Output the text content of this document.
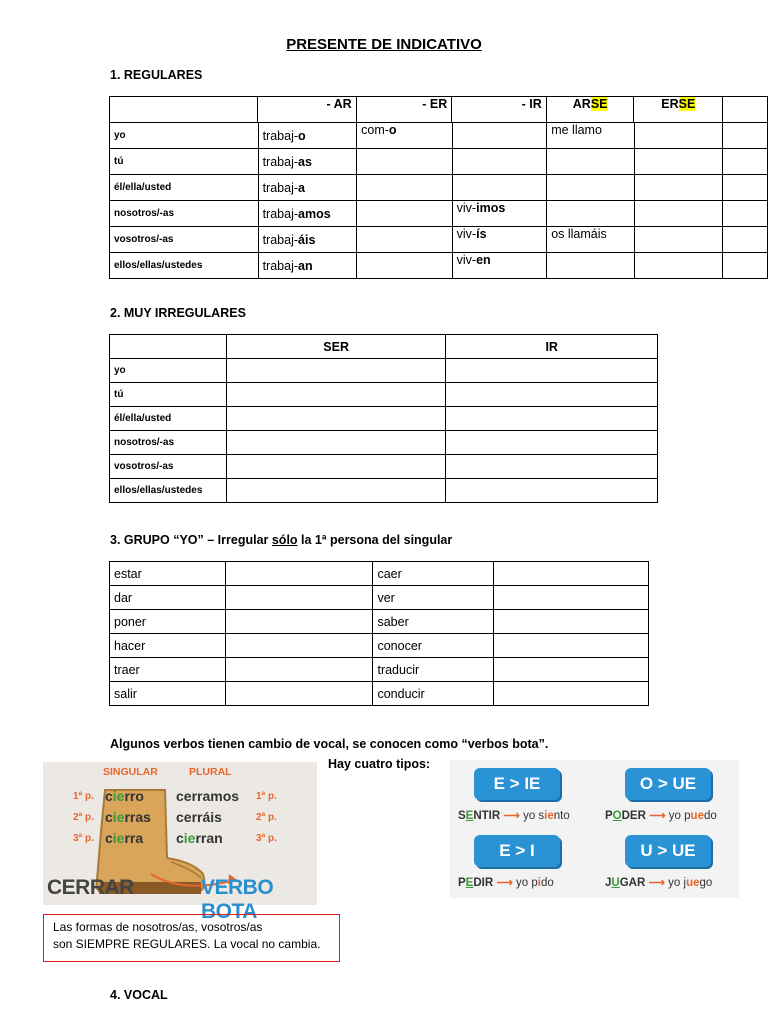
PRESENTE DE INDICATIVO
1. REGULARES
	- AR	- ER	- IR	ARSE	ERSE	
yo	trabaj-o	com-o		me llamo		
tú	trabaj-as					
él/ella/usted	trabaj-a					
nosotros/-as	trabaj-amos		viv-imos			
vosotros/-as	trabaj-áis		viv-ís	os llamáis		
ellos/ellas/ustedes	trabaj-an		viv-en			
2. MUY IRREGULARES
	SER	IR
yo		
tú		
él/ella/usted		
nosotros/-as		
vosotros/-as		
ellos/ellas/ustedes		
3. GRUPO “YO” – Irregular sólo la 1ª persona del singular
estar		caer	
dar		ver	
poner		saber	
hacer		conocer	
traer		traducir	
salir		conducir	
Algunos verbos tienen cambio de vocal, se conocen como “verbos bota”.
Hay cuatro tipos:
SINGULAR	PLURAL
1ª p. cierro cerramos 1ª p.
2ª p. cierras cerráis	2ª p.
3ª p. cierra cierran	3ª p.
CERRAR	VERBO BOTA
E > IE
SENTIR ⟶ yo siento
O > UE
PODER ⟶ yo puedo
E > I
PEDIR ⟶ yo pido
U > UE
JUGAR ⟶ yo juego
Las formas de nosotros/as, vosotros/as
son SIEMPRE REGULARES. La vocal no cambia.
4. VOCAL
